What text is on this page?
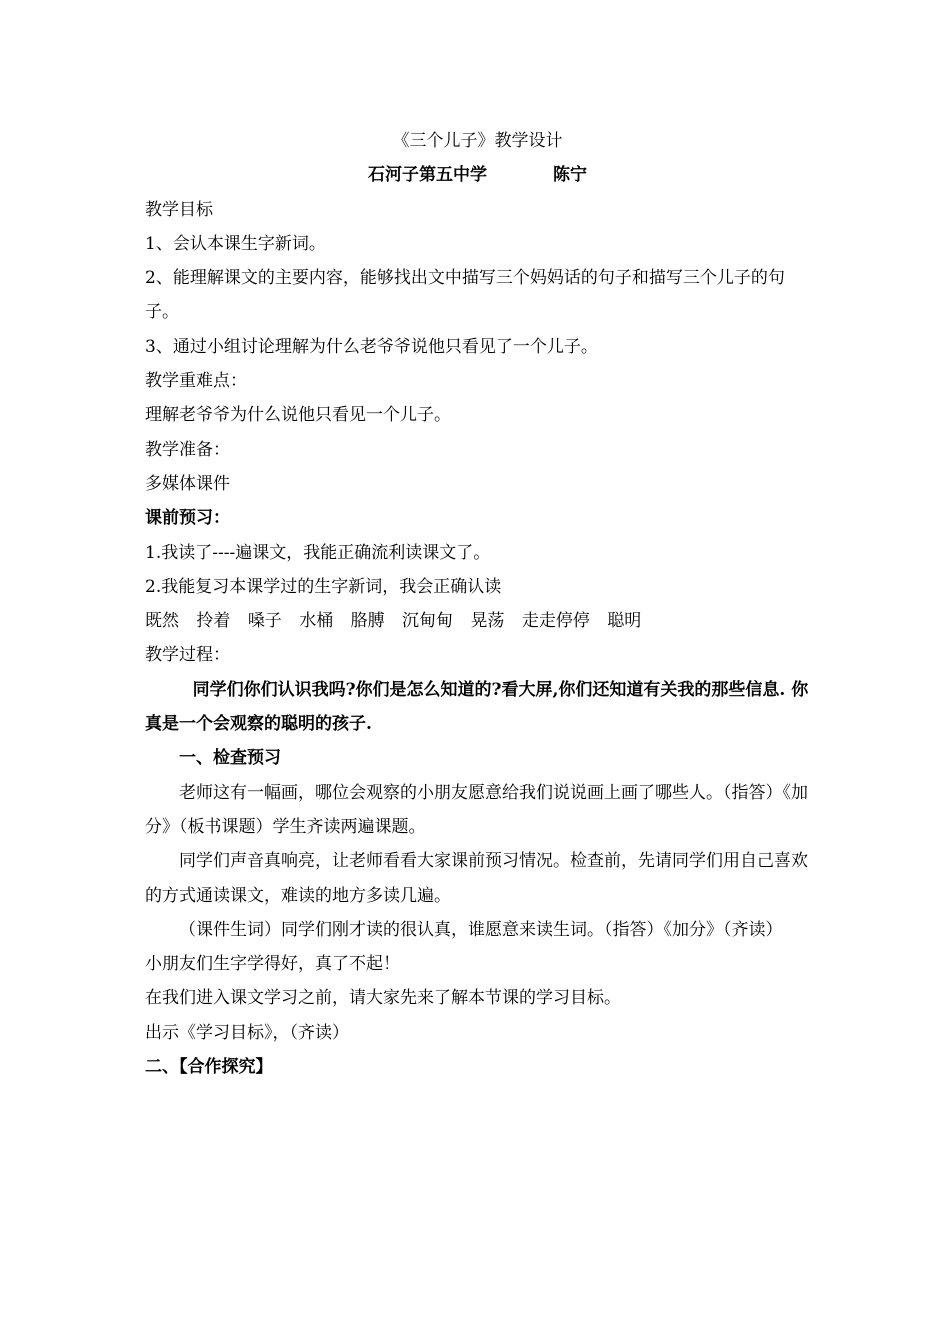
《三个儿子》教学设计

石河子第五中学	陈宁

教学目标

1、会认本课生字新词。

2、能理解课文的主要内容，能够找出文中描写三个妈妈话的句子和描写三个儿子的句子。

3、通过小组讨论理解为什么老爷爷说他只看见了一个儿子。

教学重难点：

理解老爷爷为什么说他只看见一个儿子。

教学准备：

多媒体课件

课前预习：

1.我读了----遍课文，我能正确流利读课文了。

2.我能复习本课学过的生字新词，我会正确认读

既然 拎着 嗓子 水桶 胳膊 沉甸甸 晃荡 走走停停 聪明

教学过程：

同学们你们认识我吗?你们是怎么知道的?看大屏,你们还知道有关我的那些信息. 你真是一个会观察的聪明的孩子.

一、检查预习

老师这有一幅画，哪位会观察的小朋友愿意给我们说说画上画了哪些人。（指答）《加分》（板书课题）学生齐读两遍课题。

同学们声音真响亮，让老师看看大家课前预习情况。检查前，先请同学们用自己喜欢的方式通读课文，难读的地方多读几遍。

（课件生词）同学们刚才读的很认真，谁愿意来读生词。（指答）《加分》（齐读）

小朋友们生字学得好，真了不起！

在我们进入课文学习之前，请大家先来了解本节课的学习目标。

出示《学习目标》，（齐读）

二、【合作探究】
